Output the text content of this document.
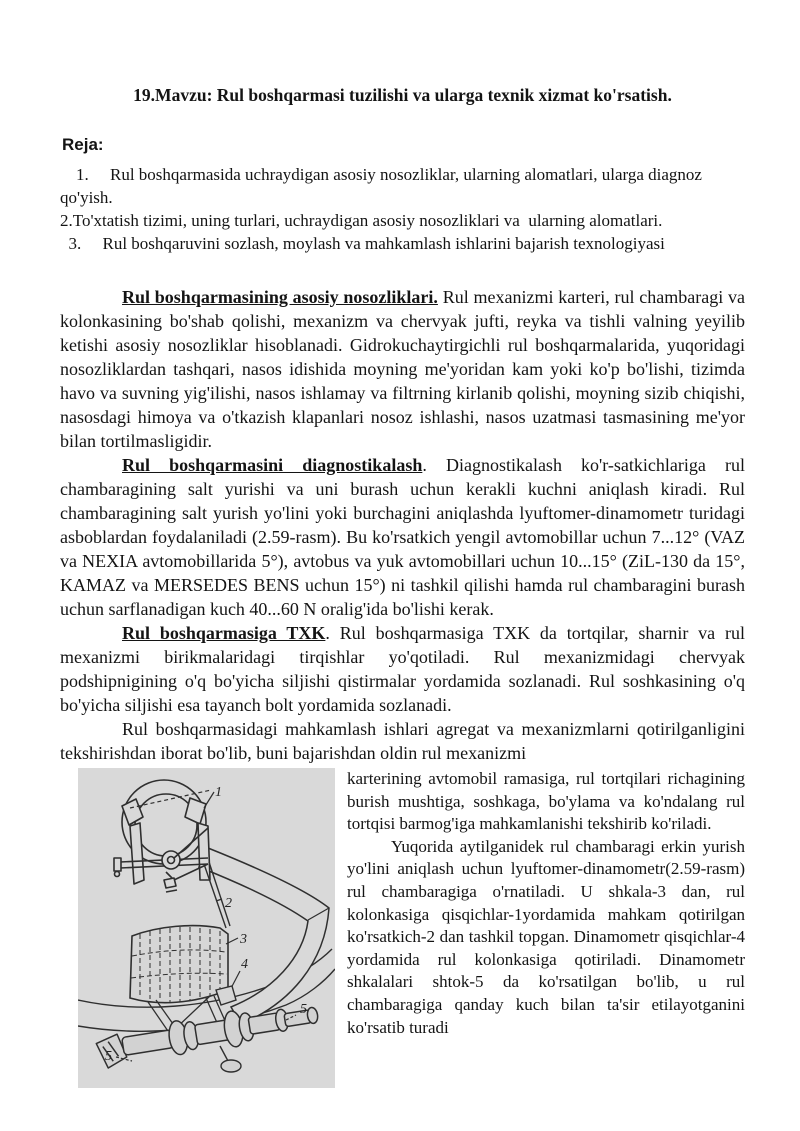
19.Mavzu: Rul boshqarmasi tuzilishi va ularga texnik xizmat ko'rsatish.

Reja:

1.     Rul boshqarmasida uchraydigan asosiy nosozliklar, ularning alomatlari, ularga diagnoz qo'yish.

2.To'xtatish tizimi, uning turlari, uchraydigan asosiy nosozliklari va  ularning alomatlari.

3.     Rul boshqaruvini sozlash, moylash va mahkamlash ishlarini bajarish texnologiyasi

Rul boshqarmasining asosiy nosozliklari. Rul mexanizmi karteri, rul chambaragi va kolonkasining bo'shab qolishi, mexanizm va chervyak jufti, reyka va tishli valning yeyilib ketishi asosiy nosozliklar hisoblanadi. Gidrokuchaytirgichli rul boshqarmalarida, yuqoridagi nosozliklardan tashqari, nasos idishida moyning me'yoridan kam yoki ko'p bo'lishi, tizimda havo va suvning yig'ilishi, nasos ishlamay va filtrning kirlanib qolishi, moyning sizib chiqishi, nasosdagi himoya va o'tkazish klapanlari nosoz ishlashi, nasos uzatmasi tasmasining me'yor bilan tortilmasligidir.

Rul boshqarmasini diagnostikalash. Diagnostikalash ko'r-satkichlariga rul chambaragining salt yurishi va uni burash uchun kerakli kuchni aniqlash kiradi. Rul chambaragining salt yurish yo'lini yoki burchagini aniqlashda lyuftomer-dinamometr turidagi asboblardan foydalaniladi (2.59-rasm). Bu ko'rsatkich yengil avtomobillar uchun 7...12° (VAZ va NEXIA avtomobillarida 5°), avtobus va yuk avtomobillari uchun 10...15° (ZiL-130 da 15°, KAMAZ va MERSEDES BENS uchun 15°) ni tashkil qilishi hamda rul chambaragini burash uchun sarflanadigan kuch 40...60 N oralig'ida bo'lishi kerak.

Rul boshqarmasiga TXK. Rul boshqarmasiga TXK da tortqilar, sharnir va rul mexanizmi birikmalaridagi tirqishlar yo'qotiladi. Rul mexanizmidagi chervyak podshipnigining o'q bo'yicha siljishi qistirmalar yordamida sozlanadi. Rul soshkasining o'q bo'yicha siljishi esa tayanch bolt yordamida sozlanadi.

Rul boshqarmasidagi mahkamlash ishlari agregat va mexanizmlarni qotirilganligini tekshirishdan iborat bo'lib, buni bajarishdan oldin rul mexanizmi

1
2
3
4
5
5

karterining avtomobil ramasiga, rul tortqilari richagining burish mushtiga, soshkaga, bo'ylama va ko'ndalang rul tortqisi barmog'iga mahkamlanishi tekshirib ko'riladi.

Yuqorida aytilganidek rul chambaragi erkin yurish yo'lini aniqlash uchun lyuftomer-dinamometr(2.59-rasm) rul chambaragiga o'rnatiladi. U shkala-3 dan, rul kolonkasiga qisqichlar-1yordamida mahkam qotirilgan ko'rsatkich-2 dan tashkil topgan. Dinamometr qisqichlar-4 yordamida rul kolonkasiga qotiriladi. Dinamometr shkalalari shtok-5 da ko'rsatilgan bo'lib, u rul chambaragiga qanday kuch bilan ta'sir etilayotganini ko'rsatib turadi
